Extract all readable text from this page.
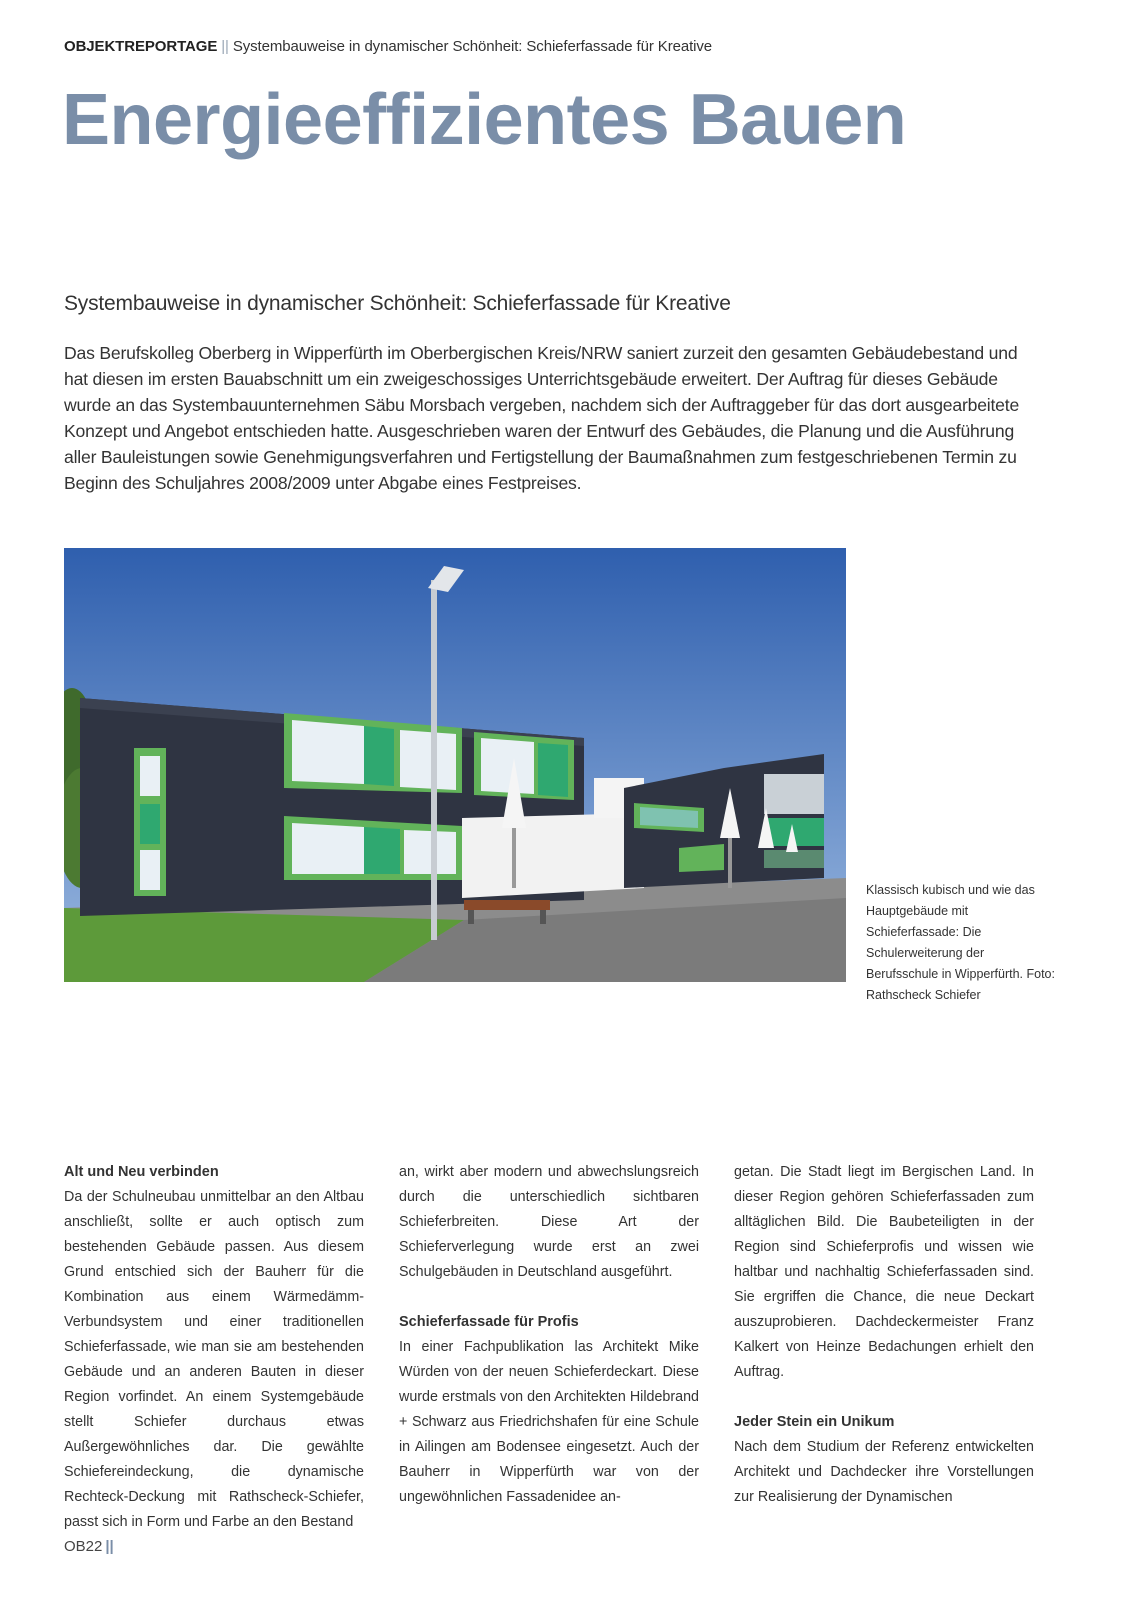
OBJEKTREPORTAGE || Systembauweise in dynamischer Schönheit: Schieferfassade für Kreative
Energieeffizientes Bauen
Systembauweise in dynamischer Schönheit: Schieferfassade für Kreative

Das Berufskolleg Oberberg in Wipperfürth im Oberbergischen Kreis/NRW saniert zurzeit den gesamten Gebäudebestand und hat diesen im ersten Bauabschnitt um ein zweigeschossiges Unterrichtsgebäude erweitert. Der Auftrag für dieses Gebäude wurde an das Systembauunternehmen Säbu Morsbach vergeben, nachdem sich der Auftraggeber für das dort ausgearbeitete Konzept und Angebot entschieden hatte. Ausgeschrieben waren der Entwurf des Gebäudes, die Planung und die Ausführung aller Bauleistungen sowie Genehmigungsverfahren und Fertigstellung der Baumaßnahmen zum festgeschriebenen Termin zu Beginn des Schuljahres 2008/2009 unter Abgabe eines Festpreises.

Klassisch kubisch und wie das Hauptgebäude mit Schieferfassade: Die Schulerweiterung der Berufsschule in Wipperfürth. Foto: Rathscheck Schiefer

Alt und Neu verbinden

Da der Schulneubau unmittelbar an den Altbau anschließt, sollte er auch optisch zum bestehenden Gebäude passen. Aus diesem Grund entschied sich der Bauherr für die Kombination aus einem Wärmedämm-Verbundsystem und einer traditionellen Schieferfassade, wie man sie am bestehenden Gebäude und an anderen Bauten in dieser Region vorfindet. An einem Systemgebäude stellt Schiefer durchaus etwas Außergewöhnliches dar. Die gewählte Schiefereindeckung, die dynamische Rechteck-Deckung mit Rathscheck-Schiefer, passt sich in Form und Farbe an den Bestand

an, wirkt aber modern und abwechslungsreich durch die unterschiedlich sichtbaren Schieferbreiten. Diese Art der Schieferverlegung wurde erst an zwei Schulgebäuden in Deutschland ausgeführt.

Schieferfassade für Profis

In einer Fachpublikation las Architekt Mike Würden von der neuen Schieferdeckart. Diese wurde erstmals von den Architekten Hildebrand + Schwarz aus Friedrichshafen für eine Schule in Ailingen am Bodensee eingesetzt. Auch der Bauherr in Wipperfürth war von der ungewöhnlichen Fassadenidee an-

getan. Die Stadt liegt im Bergischen Land. In dieser Region gehören Schieferfassaden zum alltäglichen Bild. Die Baubeteiligten in der Region sind Schieferprofis und wissen wie haltbar und nachhaltig Schieferfassaden sind. Sie ergriffen die Chance, die neue Deckart auszuprobieren. Dachdeckermeister Franz Kalkert von Heinze Bedachungen erhielt den Auftrag.

Jeder Stein ein Unikum

Nach dem Studium der Referenz entwickelten Architekt und Dachdecker ihre Vorstellungen zur Realisierung der Dynamischen

OB22 ||
